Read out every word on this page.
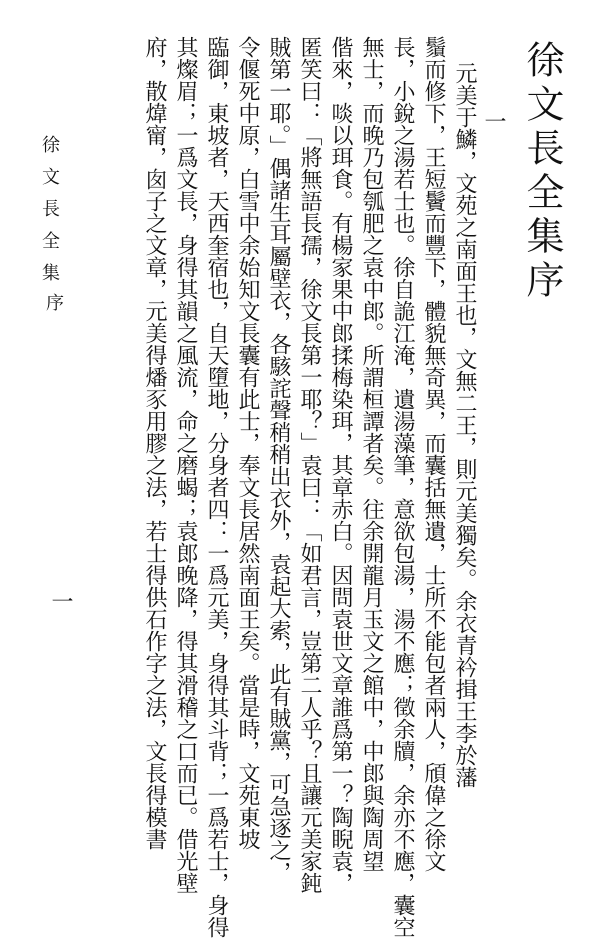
徐文長全集序
一
元美于鱗，文苑之南面王也，文無二王，則元美獨矣。余衣青衿揖王李於藩
鬚而修下，王短鬢而豐下，體貌無奇異，而囊括無遺，士所不能包者兩人，頎偉之徐文
長，小銳之湯若士也。徐自詭江淹，遺湯藻筆，意欲包湯，湯不應；徵余牘，余亦不應，囊空
無士，而晚乃包瓠肥之袁中郎。所謂桓譚者矣。往余開龍月玉文之館中，中郎與陶周望
偕來，啖以珥食。有楊家果中郎揉梅染珥，其章赤白。因問袁世文章誰爲第一？陶睨袁，
匿笑曰：「將無語長孺，徐文長第一耶？」袁曰：「如君言，豈第二人乎？且讓元美家鈍
賊第一耶。」偶諸生耳屬壁衣，各駭詫聲稍稍出衣外，袁起大索，此有賊黨，可急逐之，
令偃死中原，白雪中余始知文長囊有此士，奉文長居然南面王矣。當是時，文苑東坡
臨御，東坡者，天西奎宿也，自天墮地，分身者四：一爲元美，身得其斗背；一爲若士，身得
其燦眉；一爲文長，身得其韻之風流，命之磨蝎；袁郎晚降，得其滑稽之口而已。借光壁
府，散煒甯，囱子之文章，元美得燔豕用膠之法，若士得供石作字之法，文長得模書
徐文長全集
序
一
